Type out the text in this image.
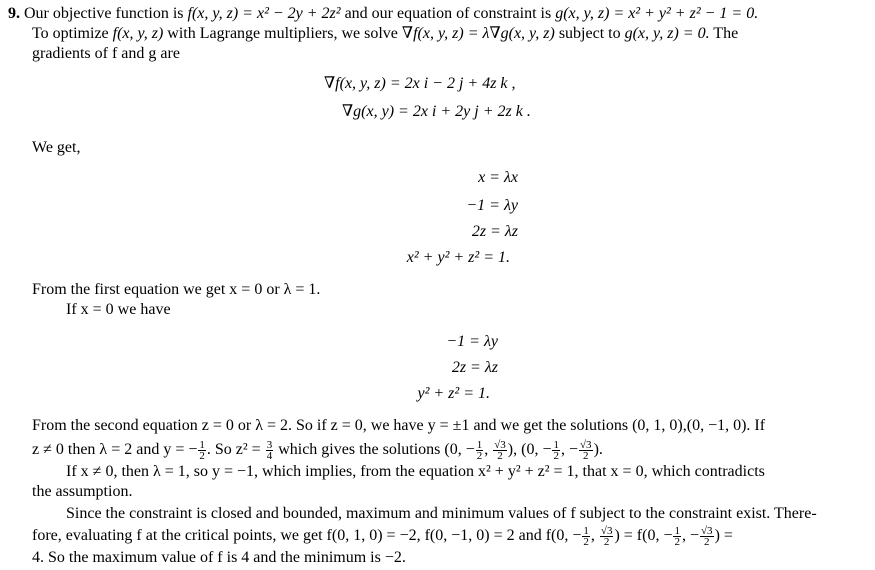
9. Our objective function is f(x, y, z) = x² − 2y + 2z² and our equation of constraint is g(x, y, z) = x² + y² + z² − 1 = 0.
To optimize f(x, y, z) with Lagrange multipliers, we solve ∇f(x, y, z) = λ∇g(x, y, z) subject to g(x, y, z) = 0. The
gradients of f and g are
∇f(x, y, z) = 2x i − 2 j + 4z k ,
∇g(x, y) = 2x i + 2y j + 2z k .
We get,
x = λx
−1 = λy
2z = λz
x² + y² + z² = 1.
From the first equation we get x = 0 or λ = 1.
If x = 0 we have
−1 = λy
2z = λz
y² + z² = 1.
From the second equation z = 0 or λ = 2. So if z = 0, we have y = ±1 and we get the solutions (0, 1, 0),(0, −1, 0). If
z ≠ 0 then λ = 2 and y = − $\frac{1}{2}$ . So $z^2 = \frac{3}{4}$ which gives the solutions (0, − $\frac{1}{2}$ , $\frac{√3}{2}$ ), (0, − $\frac{1}{2}$ , − $\frac{√3}{2}$ ).
If x ≠ 0, then λ = 1, so y = −1, which implies, from the equation x² + y² + z² = 1, that x = 0, which contradicts
the assumption.
Since the constraint is closed and bounded, maximum and minimum values of f subject to the constraint exist. There-
fore, evaluating f at the critical points, we get f(0, 1, 0) = −2, f(0, −1, 0) = 2 and f(0, − $\frac{1}{2}$ , $\frac{√3}{2}$ ) = f(0, − $\frac{1}{2}$ , − $\frac{√3}{2}$ ) =
4. So the maximum value of f is 4 and the minimum is −2.
